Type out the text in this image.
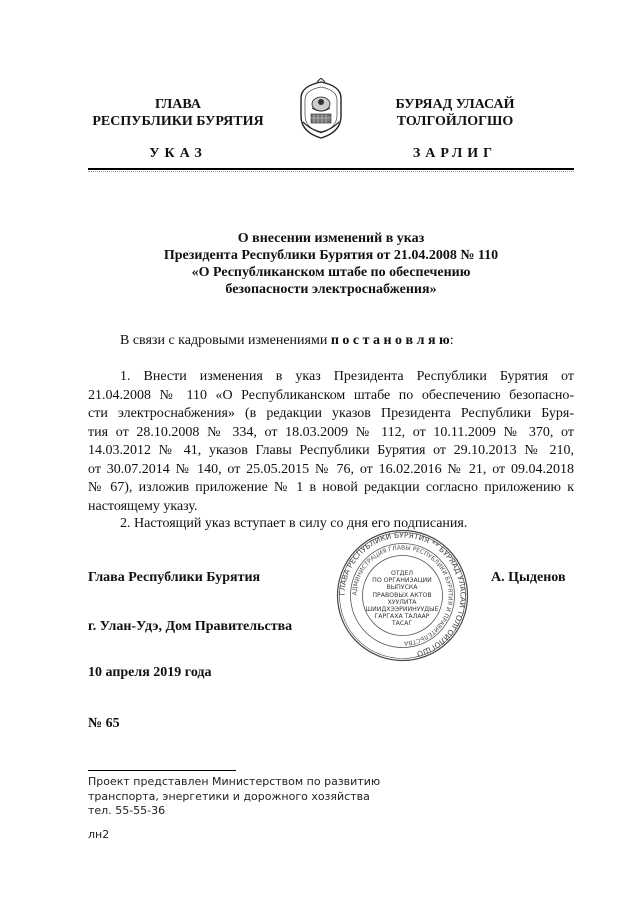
ГЛАВА
РЕСПУБЛИКИ БУРЯТИЯ
БУРЯАД УЛАСАЙ
ТОЛГОЙЛОГШО
УКАЗ	ЗАРЛИГ
О внесении изменений в указ
Президента Республики Бурятия от 21.04.2008 № 110
«О Республиканском штабе по обеспечению
безопасности электроснабжения»
В связи с кадровыми изменениями п о с т а н о в л я ю:
1. Внести изменения в указ Президента Республики Бурятия от
21.04.2008 № 110 «О Республиканском штабе по обеспечению безопасно-
сти электроснабжения» (в редакции указов Президента Республики Буря-
тия от 28.10.2008 № 334, от 18.03.2009 № 112, от 10.11.2009 № 370, от
14.03.2012 № 41, указов Главы Республики Бурятия от 29.10.2013 № 210,
от 30.07.2014 № 140, от 25.05.2015 № 76, от 16.02.2016 № 21, от 09.04.2018
№ 67), изложив приложение № 1 в новой редакции согласно приложению к
настоящему указу.
2. Настоящий указ вступает в силу со дня его подписания.
ГЛАВА РЕСПУБЛИКИ БУРЯТИЯ ** БУРЯАД УЛАСАЙ ТОЛГОЙЛОГШО
АДМИНИСТРАЦИЯ ГЛАВЫ РЕСПУБЛИКИ БУРЯТИЯ И ПРАВИТЕЛЬСТВА
ОТДЕЛ
ПО ОРГАНИЗАЦИИ
ВЫПУСКА
ПРАВОВЫХ АКТОВ
ХУУЛИТА
ШИИДХЭЭРИИНУУДЫЕ
ГАРГАХА ТАЛААР
ТАСАГ
Глава Республики Бурятия	А. Цыденов
г. Улан-Удэ, Дом Правительства
10 апреля 2019 года
№ 65
Проект представлен Министерством по развитию
транспорта, энергетики и дорожного хозяйства
тел. 55-55-36
лн2
